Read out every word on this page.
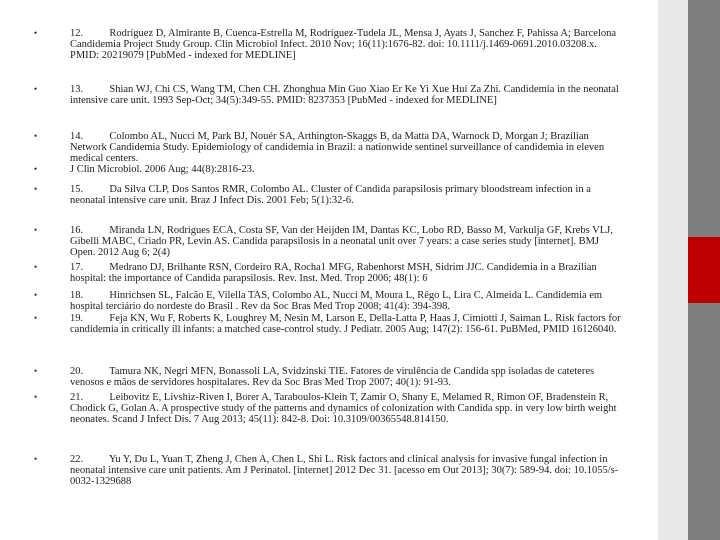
•	12.          Rodríguez D, Almirante B, Cuenca-Estrella M, Rodríguez-Tudela JL, Mensa J, Ayats J, Sanchez F, Pahissa A; Barcelona Candidemia Project Study Group. Clin Microbiol Infect. 2010 Nov; 16(11):1676-82. doi: 10.1111/j.1469-0691.2010.03208.x. PMID: 20219079 [PubMed - indexed for MEDLINE]
•	13.          Shian WJ, Chi CS, Wang TM, Chen CH. Zhonghua Min Guo Xiao Er Ke Yi Xue Hui Za Zhi. Candidemia in the neonatal intensive care unit. 1993 Sep-Oct; 34(5):349-55. PMID: 8237353 [PubMed - indexed for MEDLINE]
•	14.          Colombo AL, Nucci M, Park BJ, Nouér SA, Arthington-Skaggs B, da Matta DA, Warnock D, Morgan J; Brazilian Network Candidemia Study. Epidemiology of candidemia in Brazil: a nationwide sentinel surveillance of candidemia in eleven medical centers.
•	J Clin Microbiol. 2006 Aug; 44(8):2816-23.
•	15.          Da Silva CLP, Dos Santos RMR, Colombo AL. Cluster of Candida parapsilosis primary bloodstream infection in a neonatal intensive care unit. Braz J Infect Dis. 2001 Feb; 5(1):32-6.
•	16.          Miranda LN, Rodrigues ECA, Costa SF, Van der Heijden IM, Dantas KC, Lobo RD, Basso M, Varkulja GF, Krebs VLJ, Gibelli MABC, Criado PR, Levin AS. Candida parapsilosis in a neonatal unit over 7 years: a case series study [internet]. BMJ Open. 2012 Aug 6; 2(4)
•	17.          Medrano DJ, Brilhante RSN, Cordeiro RA, Rocha1 MFG, Rabenhorst MSH, Sidrim JJC. Candidemia in a Brazilian hospital: the importance of Candida parapsilosis. Rev. Inst. Med. Trop 2006; 48(1): 6
•	18.          Hinrichsen SL, Falcão E, Vilella TAS, Colombo AL, Nucci M, Moura L, Rêgo L, Lira C, Almeida L. Candidemia em hospital terciário do nordeste do Brasil . Rev da Soc Bras Med Trop 2008; 41(4): 394-398.
•	19.          Feja KN, Wu F, Roberts K, Loughrey M, Nesin M, Larson E, Della-Latta P, Haas J, Cimiotti J, Saiman L. Risk factors for candidemia in critically ill infants: a matched case-control study. J Pediatr. 2005 Aug; 147(2): 156-61. PuBMed, PMID 16126040.
•	20.          Tamura NK, Negri MFN, Bonassoli LA, Svidzinski TIE. Fatores de virulência de Candida spp isoladas de cateteres venosos e mãos de servidores hospitalares. Rev da Soc Bras Med Trop 2007; 40(1): 91-93.
•	21.          Leibovitz E, Livshiz-Riven I, Borer A, Taraboulos-Klein T, Zamir O, Shany E, Melamed R, Rimon OF, Bradenstein R, Chodick G, Golan A. A prospective study of the patterns and dynamics of colonization with Candida spp. in very low birth weight neonates. Scand J Infect Dis. 7 Aug 2013; 45(11): 842-8. Doi: 10.3109/00365548.814150.
•	22.          Yu Y, Du L, Yuan T, Zheng J, Chen A, Chen L, Shi L. Risk factors and clinical analysis for invasive fungal infection in neonatal intensive care unit patients. Am J Perinatol. [internet] 2012 Dec 31. [acesso em Out 2013]; 30(7): 589-94. doi: 10.1055/s-0032-1329688
